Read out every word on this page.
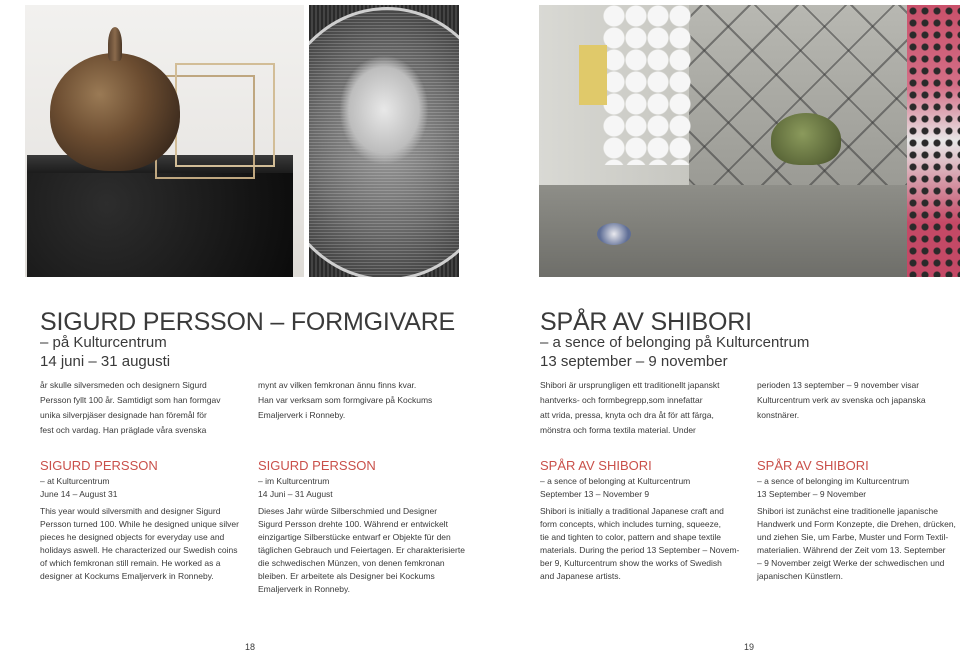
SIGURD PERSSON – FORMGIVARE
– på Kulturcentrum
14 juni – 31 augusti
år skulle silversmeden och designern Sigurd
Persson fyllt 100 år. Samtidigt som han formgav
unika silverpjäser designade han föremål för
fest och vardag. Han präglade våra svenska
mynt av vilken femkronan ännu finns kvar.
Han var verksam som formgivare på Kockums
Emaljerverk i Ronneby.
SIGURD PERSSON
– at Kulturcentrum
June 14 – August 31
This year would silversmith and designer Sigurd
Persson turned 100. While he designed unique silver
pieces he designed objects for everyday use and
holidays aswell. He characterized our Swedish coins
of which femkronan still remain. He worked as a
designer at Kockums Emaljerverk in Ronneby.
SIGURD PERSSON
– im Kulturcentrum
14 Juni – 31 August
Dieses Jahr würde Silberschmied und Designer
Sigurd Persson drehte 100. Während er entwickelt
einzigartige Silberstücke entwarf er Objekte für den
täglichen Gebrauch und Feiertagen. Er charakterisierte
die schwedischen Münzen, von denen femkronan
bleiben. Er arbeitete als Designer bei Kockums
Emaljerverk in Ronneby.
18
SPÅR AV SHIBORI
– a sence of belonging på Kulturcentrum
13 september – 9 november
Shibori är ursprungligen ett traditionellt japanskt
hantverks- och formbegrepp,som innefattar
att vrida, pressa, knyta och dra åt för att färga,
mönstra och forma textila material. Under
perioden 13 september – 9 november visar
Kulturcentrum verk av svenska och japanska
konstnärer.
SPÅR AV SHIBORI
– a sence of belonging at Kulturcentrum
September 13 – November 9
Shibori is initially a traditional Japanese craft and
form concepts, which includes turning, squeeze,
tie and tighten to color, pattern and shape textile
materials. During the period 13 September – Novem-
ber 9, Kulturcentrum show the works of Swedish
and Japanese artists.
SPÅR AV SHIBORI
– a sence of belonging im Kulturcentrum
13 September – 9 November
Shibori ist zunächst eine traditionelle japanische
Handwerk und Form Konzepte, die Drehen, drücken,
und ziehen Sie, um Farbe, Muster und Form Textil-
materialien. Während der Zeit vom 13. September
– 9 November zeigt Werke der schwedischen und
japanischen Künstlern.
19
